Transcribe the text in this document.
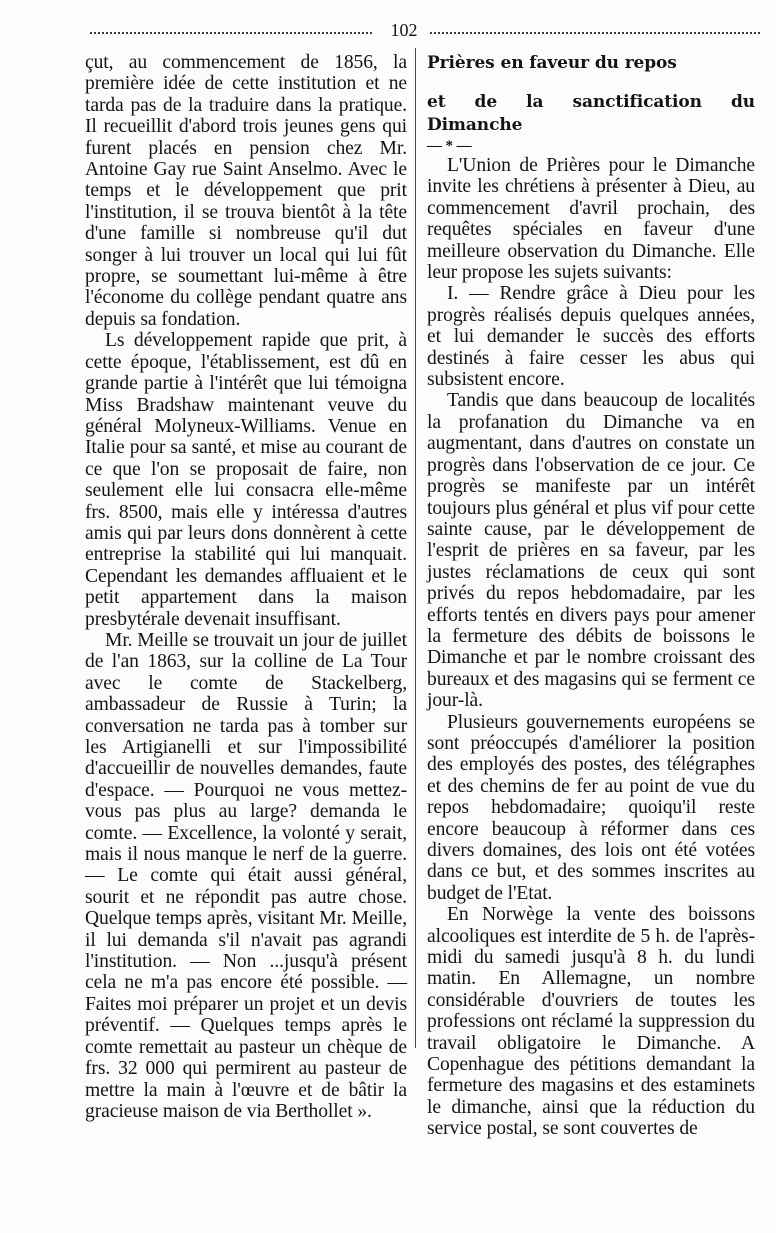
102

çut, au commencement de 1856, la première idée de cette institution et ne tarda pas de la traduire dans la pratique. Il recueillit d'abord trois jeunes gens qui furent placés en pension chez Mr. Antoine Gay rue Saint Anselmo. Avec le temps et le développement que prit l'institution, il se trouva bientôt à la tête d'une famille si nombreuse qu'il dut songer à lui trouver un local qui lui fût propre, se soumettant lui-même à être l'économe du collège pendant quatre ans depuis sa fondation.

Ls développement rapide que prit, à cette époque, l'établissement, est dû en grande partie à l'intérêt que lui témoigna Miss Bradshaw maintenant veuve du général Molyneux-Williams. Venue en Italie pour sa santé, et mise au courant de ce que l'on se proposait de faire, non seulement elle lui consacra elle-même frs. 8500, mais elle y intéressa d'autres amis qui par leurs dons donnèrent à cette entreprise la stabilité qui lui manquait. Cependant les demandes affluaient et le petit appartement dans la maison presbytérale devenait insuffisant.

Mr. Meille se trouvait un jour de juillet de l'an 1863, sur la colline de La Tour avec le comte de Stackelberg, ambassadeur de Russie à Turin; la conversation ne tarda pas à tomber sur les Artigianelli et sur l'impossibilité d'accueillir de nouvelles demandes, faute d'espace. — Pourquoi ne vous mettez-vous pas plus au large? demanda le comte. — Excellence, la volonté y serait, mais il nous manque le nerf de la guerre. — Le comte qui était aussi général, sourit et ne répondit pas autre chose. Quelque temps après, visitant Mr. Meille, il lui demanda s'il n'avait pas agrandi l'institution. — Non ...jusqu'à présent cela ne m'a pas encore été possible. — Faites moi préparer un projet et un devis préventif. — Quelques temps après le comte remettait au pasteur un chèque de frs. 32 000 qui permirent au pasteur de mettre la main à l'œuvre et de bâtir la gracieuse maison de via Berthollet ».

Prières en faveur du repos

et de la sanctification du Dimanche

— * —

L'Union de Prières pour le Dimanche invite les chrétiens à présenter à Dieu, au commencement d'avril prochain, des requêtes spéciales en faveur d'une meilleure observation du Dimanche. Elle leur propose les sujets suivants:

I. — Rendre grâce à Dieu pour les progrès réalisés depuis quelques années, et lui demander le succès des efforts destinés à faire cesser les abus qui subsistent encore.

Tandis que dans beaucoup de localités la profanation du Dimanche va en augmentant, dans d'autres on constate un progrès dans l'observation de ce jour. Ce progrès se manifeste par un intérêt toujours plus général et plus vif pour cette sainte cause, par le développement de l'esprit de prières en sa faveur, par les justes réclamations de ceux qui sont privés du repos hebdomadaire, par les efforts tentés en divers pays pour amener la fermeture des débits de boissons le Dimanche et par le nombre croissant des bureaux et des magasins qui se ferment ce jour-là.

Plusieurs gouvernements européens se sont préoccupés d'améliorer la position des employés des postes, des télégraphes et des chemins de fer au point de vue du repos hebdomadaire; quoiqu'il reste encore beaucoup à réformer dans ces divers domaines, des lois ont été votées dans ce but, et des sommes inscrites au budget de l'Etat.

En Norwège la vente des boissons alcooliques est interdite de 5 h. de l'après-midi du samedi jusqu'à 8 h. du lundi matin. En Allemagne, un nombre considérable d'ouvriers de toutes les professions ont réclamé la suppression du travail obligatoire le Dimanche. A Copenhague des pétitions demandant la fermeture des magasins et des estaminets le dimanche, ainsi que la réduction du service postal, se sont couvertes de
